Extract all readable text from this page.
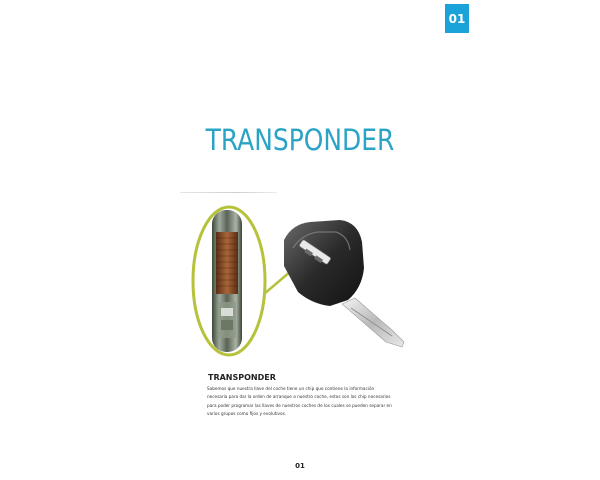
01
TRANSPONDER
TRANSPONDER
Sabemos que nuestra llave del coche tiene un chip que contiene la información
necesaria para dar la orden de arranque a nuestro coche, estos son los chip necesarios
para poder programar las llaves de nuestros coches de los cuales se pueden separar en
varios grupos como fijos y evolutivos.
01
